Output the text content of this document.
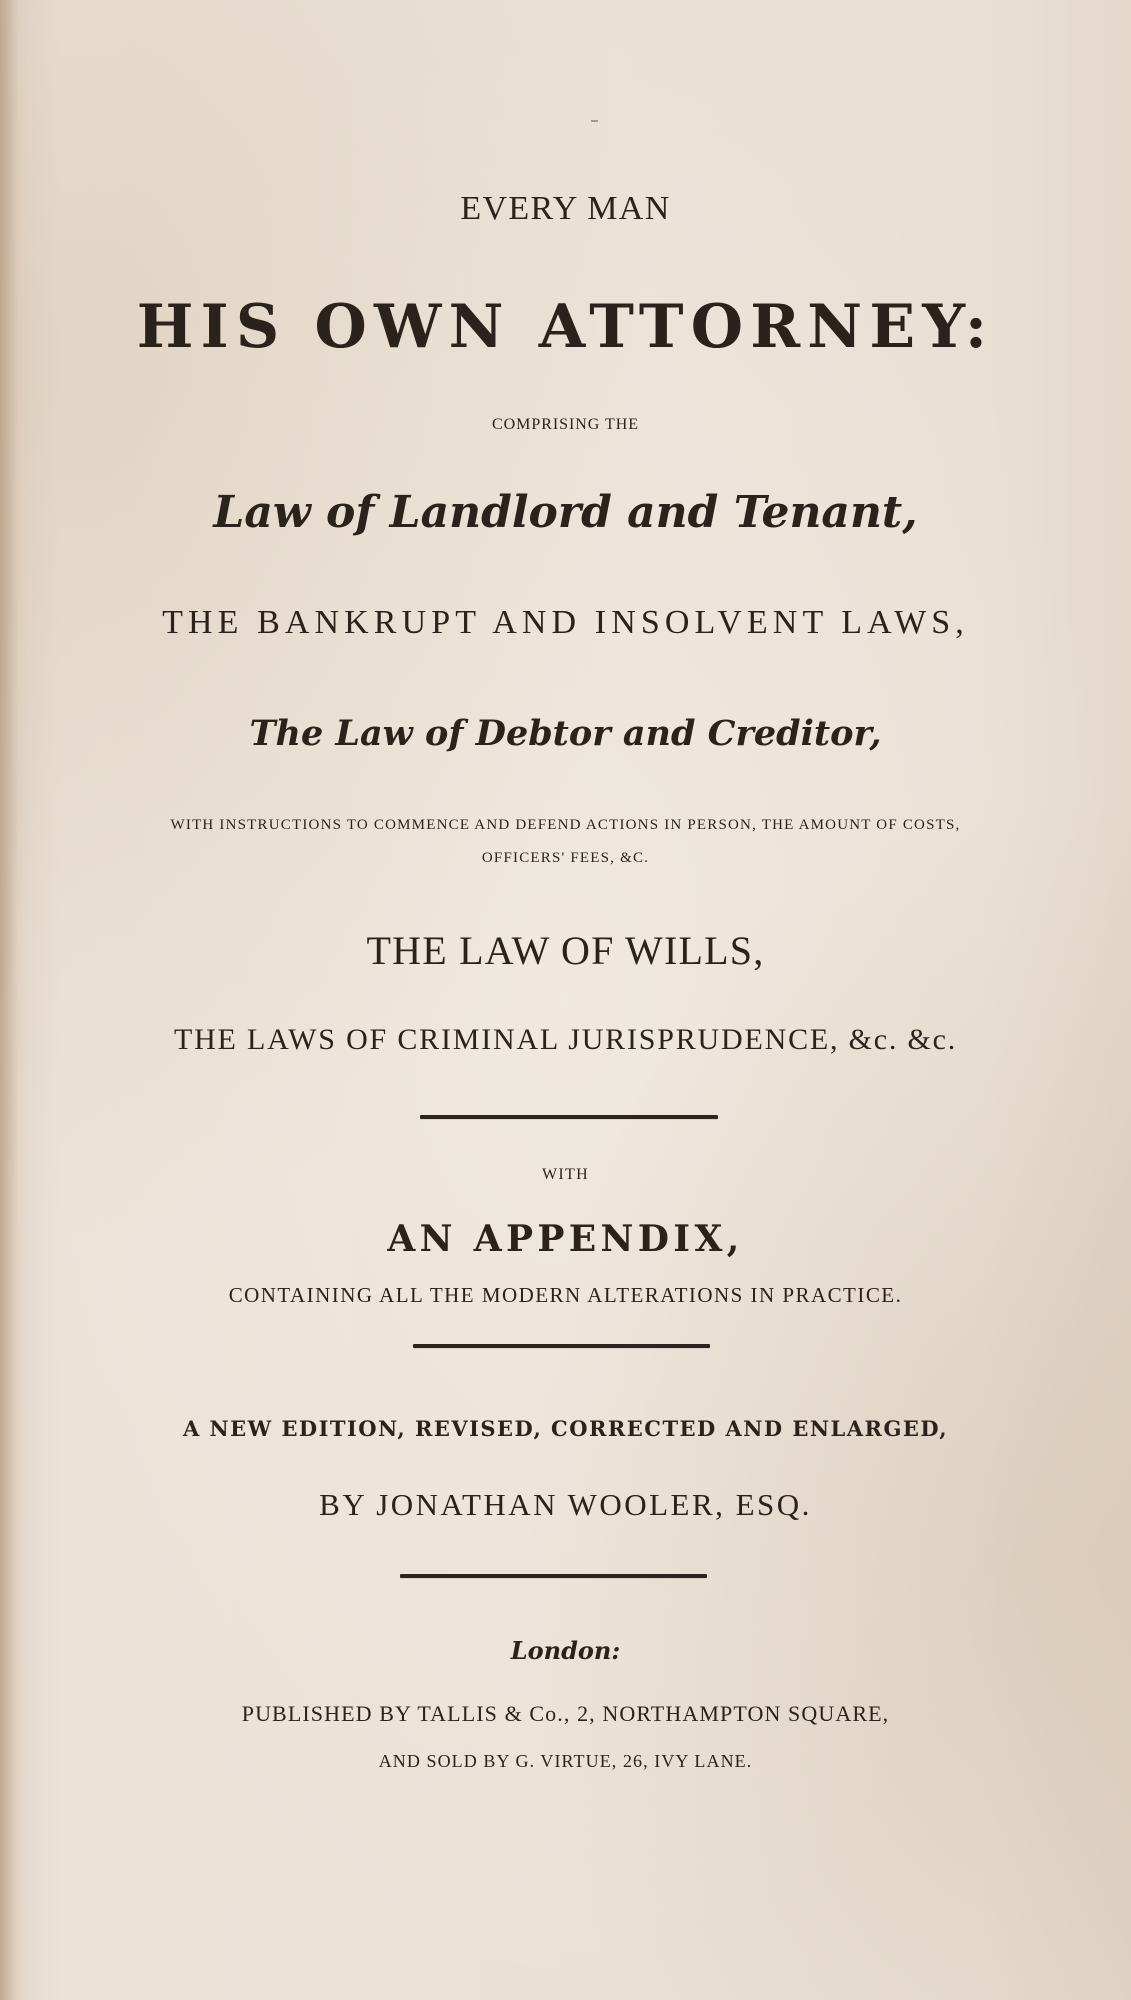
EVERY MAN
HIS OWN ATTORNEY:
COMPRISING THE
Law of Landlord and Tenant,
THE BANKRUPT AND INSOLVENT LAWS,
The Law of Debtor and Creditor,
WITH INSTRUCTIONS TO COMMENCE AND DEFEND ACTIONS IN PERSON, THE AMOUNT OF COSTS,
OFFICERS' FEES, &C.
THE LAW OF WILLS,
THE LAWS OF CRIMINAL JURISPRUDENCE, &c. &c.
WITH
AN APPENDIX,
CONTAINING ALL THE MODERN ALTERATIONS IN PRACTICE.
A NEW EDITION, REVISED, CORRECTED AND ENLARGED,
BY JONATHAN WOOLER, ESQ.
London:
PUBLISHED BY TALLIS & Co., 2, NORTHAMPTON SQUARE,
AND SOLD BY G. VIRTUE, 26, IVY LANE.
